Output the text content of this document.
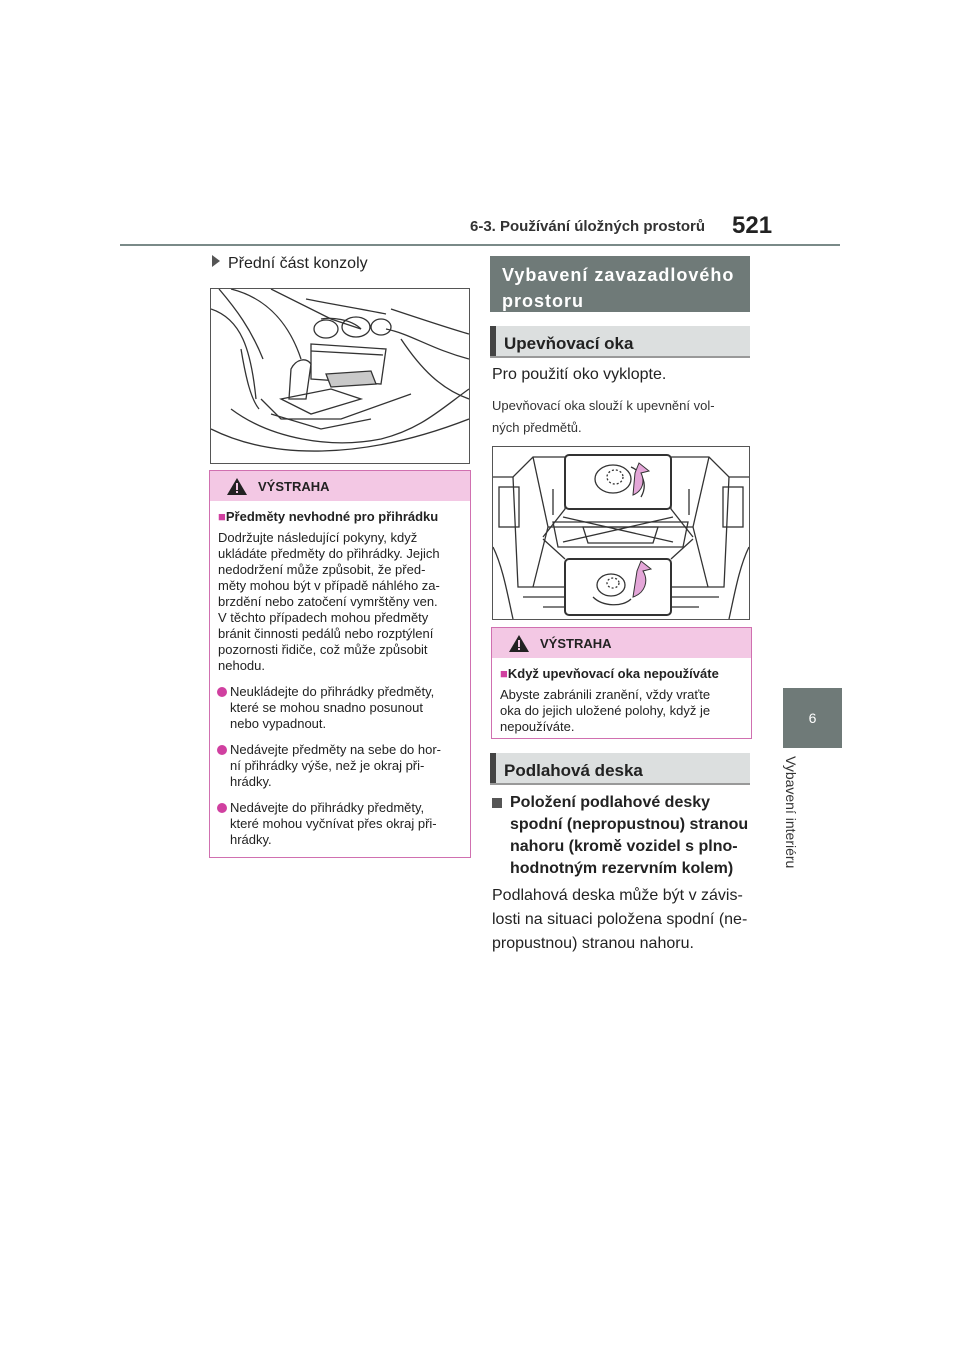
6-3. Používání úložných prostorů 521
6
Vybavení interiéru
Přední část konzoly
VÝSTRAHA
■Předměty nevhodné pro přihrádku
Dodržujte následující pokyny, když
ukládáte předměty do přihrádky. Jejich
nedodržení může způsobit, že před-
měty mohou být v případě náhlého za-
brzdění nebo zatočení vymrštěny ven.
V těchto případech mohou předměty
bránit činnosti pedálů nebo rozptýlení
pozornosti řidiče, což může způsobit
nehodu.
Neukládejte do přihrádky předměty,
které se mohou snadno posunout
nebo vypadnout.
Nedávejte předměty na sebe do hor-
ní přihrádky výše, než je okraj při-
hrádky.
Nedávejte do přihrádky předměty,
které mohou vyčnívat přes okraj při-
hrádky.
Vybavení zavazadlového
prostoru
Upevňovací oka
Pro použití oko vyklopte.
Upevňovací oka slouží k upevnění vol-
ných předmětů.
VÝSTRAHA
■Když upevňovací oka nepoužíváte
Abyste zabránili zranění, vždy vraťte
oka do jejich uložené polohy, když je
nepoužíváte.
Podlahová deska
Položení podlahové desky
spodní (nepropustnou) stranou
nahoru (kromě vozidel s plno-
hodnotným rezervním kolem)
Podlahová deska může být v závis-
losti na situaci položena spodní (ne-
propustnou) stranou nahoru.
